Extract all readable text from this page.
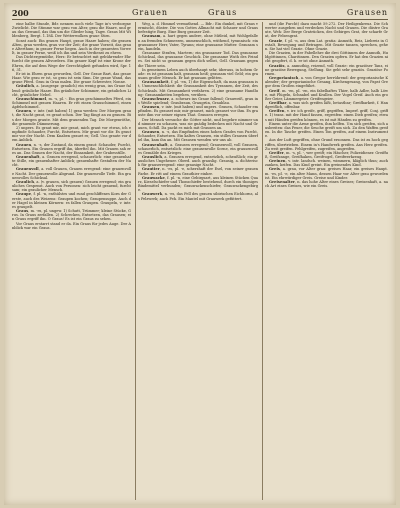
200	Grauen	Graus	Grausen

eine halbe Stunde, Bdr. nennen noch viele Tage in's verborgne Zwielicht. Die Stimme war grau von Alter, grau die Haare, und grau das Gewand, das ihm um die Glieder hing, Tagw. Graus Mit Wildenberg, Bergt. 1.184. Der Wetterwolken graue Stirn.

Sonst auch: Ein graues Haupt, graue Haare haben; die grauen Alten, grau werden, grau vor der Zeit; die graue Vorzeit, das graue Alterthum; in grauer Ferne liegen. Auch in der grauesten Vorwelt, in grauer Ferne, weiß ich ihn und sein Verdienst zu ehren.

Das Dichtergemüthe, Herz: Er betrachtet mit gebührender Ehrfurcht die grauen Altvordern. Ein grauer Kopf ist eine Krone der Ehren, die auf dem Wege der Gerechtigkeit gefunden wird, Spr. 16, 31.

Er ist in Ehren grau geworden, Gell. Der Graue Bart, das graue Haar. Wie grau er ist, so grau ist sein Sinn. Die graue Wand, das graue Pferd. Grau in Grau malen. Die graue Schwester, Nonne.

Gräulich, a. (ausgespr. graulich) ein wenig grau, ins Graue fallend: gräuliche Haare. Ein gräulicher Schimmer, ein gräuliches Licht, gräulicher Nebel.

Grauschimmel, m. -s, pl. -. Ein grau geschimmeltes Pferd, ein Schimmel mit grauen Haaren. Er ritt einen Grauschimmel, einen Apfelschimmel.

Grauen, v. intr. (mit haben) 1) grau werden: Der Morgen graut, die Nacht graut, es graut schon. Der Tag fängt an zu grauen. Bis der Morgen graute. Mit dem grauenden Tag. Die Morgenröthe, die grauende Dämmerung.

2) unpers. Es graut mir, mir graut, mich graut vor etwas, ich empfinde Schauder, Furcht, Entsetzen. Mir graut vor dir. Es graut mir vor der Nacht. Dem Knaben grauet es; Gell. Uns graute vor dem Anblick.

Grauen, n. -s, der Zustand, da einem graut: Schauder, Furcht, Entsetzen. Ein Grauen ergriff ihn, überfiel ihn. Mit Grauen sah er es an. Das Grauen der Nacht, der Einsamkeit, der Grabesstille.

Grauenhaft, a. Grauen erregend, schauerlich: eine grauenhafte Stille, ein grauenhafter Anblick; grauenhafte Gestalten der Nacht.

Grauenvoll, a. voll Grauen, Grauen erregend: eine grauenvolle Nacht. Der grauenvolle Abgrund. Die grauenvolle Tiefe. Ein grauenvolles Schicksal.

Graulich, a. (v. grauen, sich grauen) Grauen erregend; ein grauliches Gespenst. Auch von Personen: sich leicht grauend, furchtsam; ein graulicher Mensch.

Graupe, f. pl. -n, enthülstes und rund geschliffenes Korn der Gerste, auch des Weizens: Graupen kochen; Graupensuppe. Auch der Hagel in kleinen Körnern: es fallen Graupen. Graupeln, v. intr. es graupelt.

Graus, m. -es, pl. ungew. 1) Schutt, Trümmer; kleine Stücke, Grus. In Graus zerfallen. 2) Schrecken, Entsetzen, das Grausen; ein Graus ergriff ihn. O Graus! Es ist ein Graus zu sehen.

Vor Graus erstarrt stand er da. Ein Graus für jedes Auge. Der Anblick war ein Graus.

Weg, a. d. Himmel vermuthend. — Bdr.: Ein dunkel, mit Graus vermischt, düster. Die von Gottes Allmacht mit Schauer und Graus befestigte Burg. Eine Burg grauser Zeit.

Grausam, a. hart gegen andere, ohne Mitleid, mit Wohlgefallen an fremden Schmerzen, unmenschlich, wüthend, tyrannisch: ein grausamer Herr, Vater, Tyrann; eine grausame Mutter. Grausam sein, handeln.

Grausame Strafen, Martern; ein grausamer Tod. Das grausame Schicksal, das grausame Geschick. Die grausame Wuth des Feindes. Sei nicht so grausam gegen dich selbst, Gell. Grausam gegen die Thiere sein.

In gemeinem Leben auch überhaupt sehr, überaus, in hohem Grade: es ist grausam kalt, grausam heiß; grausam viel Geld; ein grausam großer Mensch. Er hat grausam gelitten.

Grausamkeit, f. pl. -en, 1) die Eigenschaft, da man grausam ist, Unmenschlichkeit: die Grausamkeit des Tyrannen, der Zeit, des Schicksals. Mit Grausamkeit verfahren. 2) eine grausame Handlung: Grausamkeiten begehen, verüben.

Grauschwarz, a. schwarz ins Graue fallend; Grauweiß, grau ins Weiße spielend; Graubraun, Graugrün, Graublau.

Grausen, v. intr. (mit haben) und unpers. Grauen, Schauder empfinden. Es grauset mir, mir grauset, mich grauset vor ihm. Es grauste ihm vor seiner eignen That. Grausen erregen.

Der Mensch versuche die Götter nicht, und begehre nimmer und nimmer zu schauen, was sie gnädig bedecken mit Nacht und Grauen, Schill. Da packt es mich mit Grausen an.

Grausen, n. -s, das Empfinden eines hohen Grades von Furcht, Schauder, Entsetzen. Ein kaltes Grausen, ein stilles Grausen überfiel ihn, kam ihn an. Mit Grausen wenden wir uns ab.

Grausenhaft, a. Grausen erregend; Grausenvoll, voll Grausen, schauerlich, entsetzlich: eine grausenvolle Scene, ein grausenvolles Gemälde des Krieges.

Grauslich, a. Grausen erregend, entsetzlich, scheußlich; ein grausliches Ungeheuer. Oberd. auch grauslig. Grausig, a. dichterisch für grauserregend: eine grausige Nacht.

Grautier, n. -es, pl. -e, scherzhaft der Esel, von seiner grauen Farbe. Er ritt auf einem Grauthier einher.

Grauwacke, f. pl. -n, eine Gebirgsart, aus kleinen Stücken Quarz, Kieselschiefer und Thonschiefer bestehend, durch ein thoniges Bindemittel verbunden; Grauwackenschiefer, Grauwackengebirge.

Grauwerk, n. -es, das Fell des grauen sibirischen Eichhorns, als Pelzwerk; auch Feh. Ein Mantel mit Grauwerk gefüttert.

und (die Furcht) dazu macht 59.272. Der Heiligenkreuz. Die Schwerter ausgeben und verdecken Nacht und Grauen. Die düstre Graute, Weh: Der Berge Gratrücken, des Gebirges Grat, der scharfe Grat, der Felsengrat.

Grazie, f. pl. -n, aus dem Lat. gratia: Anmuth, Reiz, Liebreiz in Gestalt, Bewegung und Betragen. Mit Grazie tanzen, sprechen, gehen. Sie hat viel Grazie. Ohne Grazie.

Die Grazien, in der Fabellehre die drei Göttinnen der Anmuth, Huldgöttinnen, Charitinnen. Den Grazien opfern. Er hat den Grazien nicht geopfert, d. h. er ist ohne Anmuth.

Graziös, a. anmuthig, reizend, voll Grazie: ein graziöser Tanz, eine graziöse Bewegung, Stellung. Sie geht sehr graziös. Graziöse Formen.

Gregorianisch, a. von Gregor herrührend: der gregorianische Kalender; der gregorianische Gesang, Kirchengesang, von Papst Gregor dem Großen eingeführt.

Greif, m. -en, pl. -en, ein fabelhaftes Thier, halb Adler, halb Löwe, mit Flügeln, Schnabel und Krallen. Der Vogel Greif. Auch ein großer Geier, Lämmergeier. Greifengeier.

Greifbar, a. was sich greifen läßt, betastbar; Greifbarkeit, f. Handgreiflich, offenbar.

Greifen, v. irr. ich greife, griff, gegriffen, Imperf. griff, Conj. griffe. 1) trans. mit der Hand fassen, ergreifen: einen Dieb greifen; etwas mit Händen greifen können, es ist mit Händen zu greifen.

Einem unter die Arme greifen, ihm helfen. Um sich greifen, sich ausbreiten: das Feuer, die Seuche greift um sich. Zu den Waffen greifen. In die Tasche greifen. Einen Ton greifen, auf einem Instrumente.

Aus der Luft gegriffen, ohne Grund ersonnen. Das ist zu hoch gegriffen, übertrieben. Einem in's Handwerk greifen. Ans Herz greifen. Zu weit greifen. Fehlgreifen, zugreifen, angreifen.

Greifer, m. -s, pl. -, wer greift; ein Häscher, Polizeidiener. Greiffuß, Greifzange, Greifhaken, Greifvogel, Greifwerkzeug.

Greinen, v. intr. landsch. weinen, wimmern, kläglich thun; auch zanken, keifen. Das Kind greint. Ein greinendes Kind.

Greis, a. grau, vor Alter grau: greises Haar, ein greises Haupt. m. -es, pl. -e, ein alter Mann, dessen Haar vor Alter grau geworden ist. Ein ehrwürdiger Greis. Greise und Kinder.

Greisenalter, n. das hohe Alter eines Greises; Greisenhaft, a. nach Art eines Greises, wie ein Greis.
